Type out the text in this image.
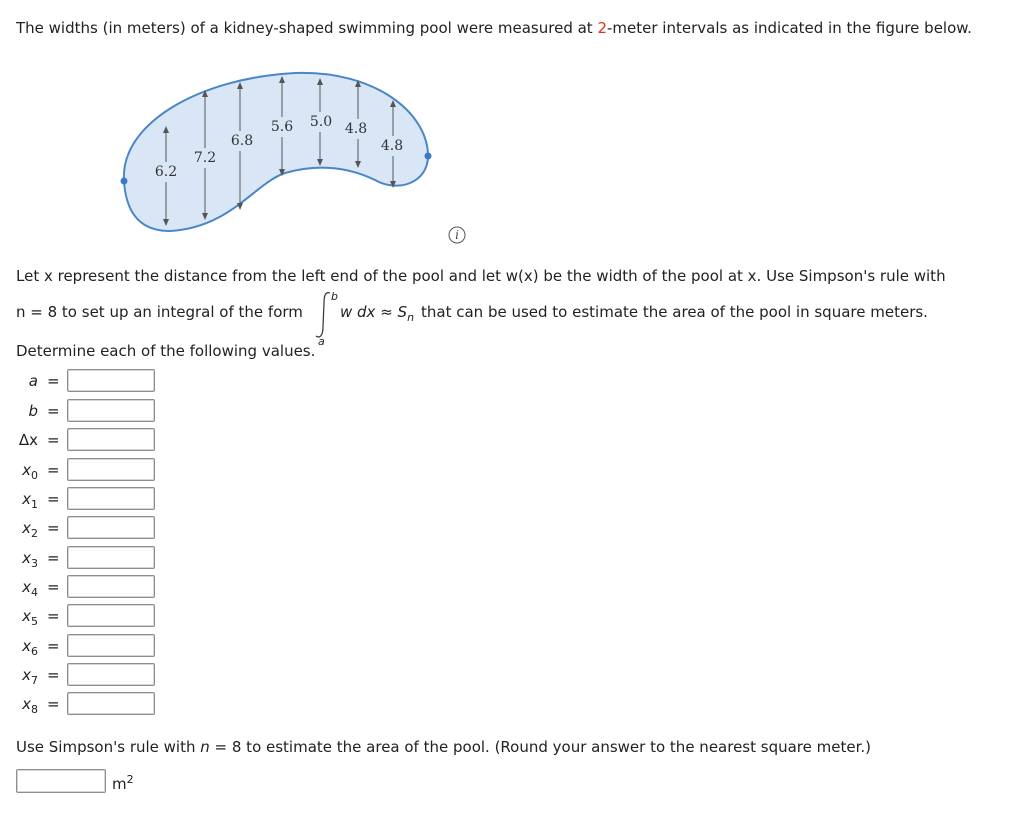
The widths (in meters) of a kidney-shaped swimming pool were measured at 2-meter intervals as indicated in the figure below.
6.2
7.2
6.8
5.6 5.0 4.8
4.8
i
Let x represent the distance from the left end of the pool and let w(x) be the width of the pool at x. Use Simpson's rule with
n = 8 to set up an integral of the form
b
a
w dx ≈ $S_n$ that can be used to estimate the area of the pool in square meters.
Determine each of the following values.
a =
b =
Δx =
$x_0$ =
$x_1$ =
$x_2$ =
$x_3$ =
$x_4$ =
$x_5$ =
$x_6$ =
$x_7$ =
$x_8$ =
Use Simpson's rule with n = 8 to estimate the area of the pool. (Round your answer to the nearest square meter.)
$m^2$
